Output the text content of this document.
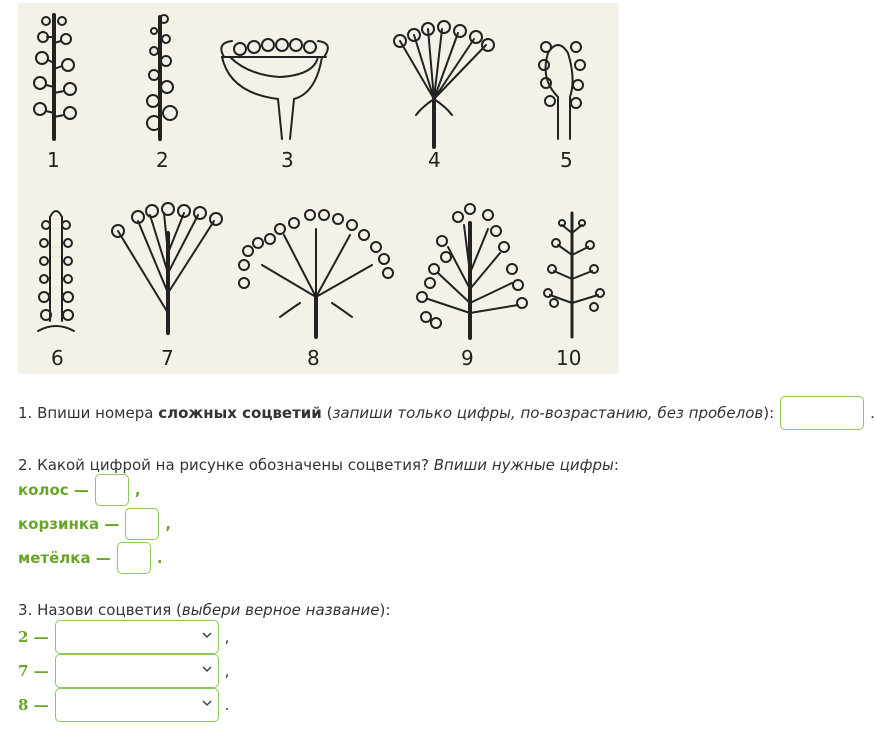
1	2	3	4	5
6	7	8	9	10
1. Впиши номера сложных соцветий (запиши только цифры, по-возрастанию, без пробелов):	.
2. Какой цифрой на рисунке обозначены соцветия? Впиши нужные цифры:
колос —	,
корзинка —	,
метёлка —	.
3. Назови соцветия (выбери верное название):
2 —	,
7 —	,
8 —	.
